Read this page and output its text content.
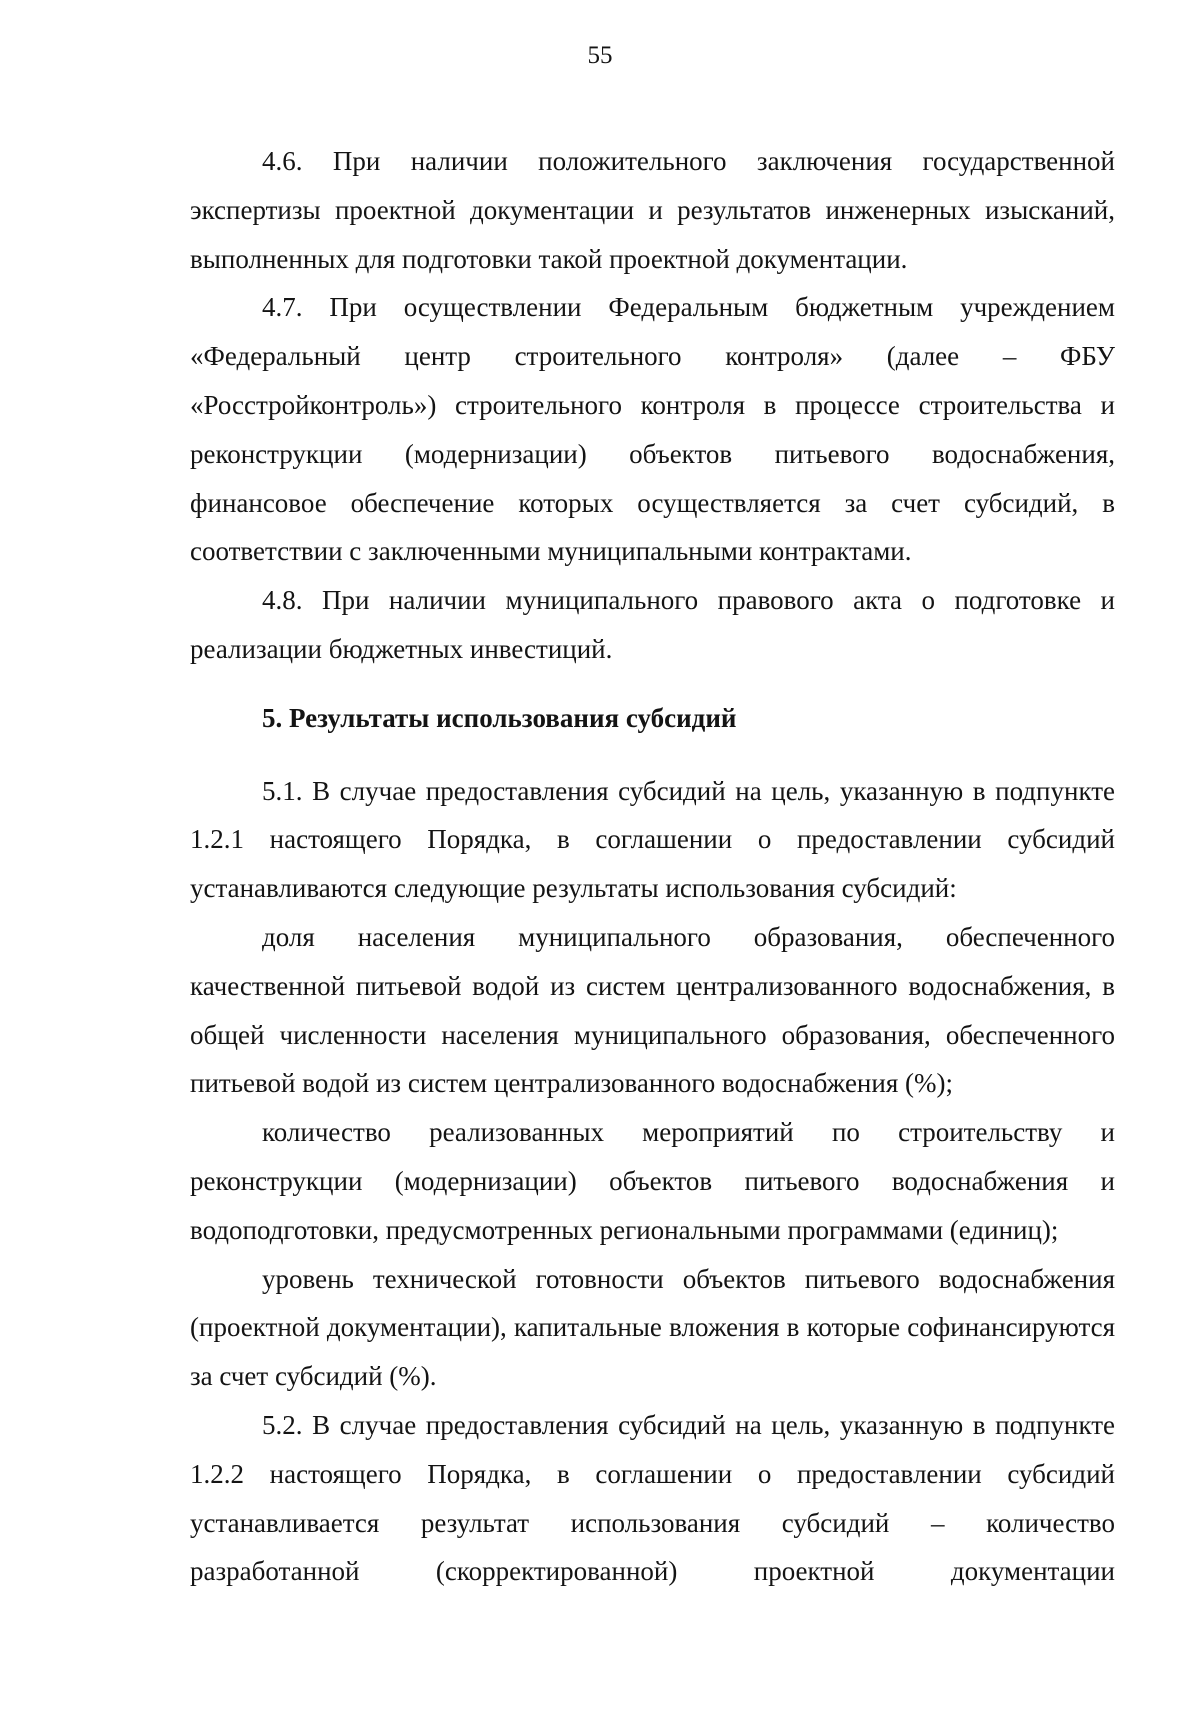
55

4.6. При наличии положительного заключения государственной экспертизы проектной документации и результатов инженерных изысканий, выполненных для подготовки такой проектной документации.

4.7. При осуществлении Федеральным бюджетным учреждением «Федеральный центр строительного контроля» (далее – ФБУ «Росстройконтроль») строительного контроля в процессе строительства и реконструкции (модернизации) объектов питьевого водоснабжения, финансовое обеспечение которых осуществляется за счет субсидий, в соответствии с заключенными муниципальными контрактами.

4.8. При наличии муниципального правового акта о подготовке и реализации бюджетных инвестиций.

5. Результаты использования субсидий

5.1. В случае предоставления субсидий на цель, указанную в подпункте 1.2.1 настоящего Порядка, в соглашении о предоставлении субсидий устанавливаются следующие результаты использования субсидий:

доля населения муниципального образования, обеспеченного качественной питьевой водой из систем централизованного водоснабжения, в общей численности населения муниципального образования, обеспеченного питьевой водой из систем централизованного водоснабжения (%);

количество реализованных мероприятий по строительству и реконструкции (модернизации) объектов питьевого водоснабжения и водоподготовки, предусмотренных региональными программами (единиц);

уровень технической готовности объектов питьевого водоснабжения (проектной документации), капитальные вложения в которые софинансируются за счет субсидий (%).

5.2. В случае предоставления субсидий на цель, указанную в подпункте 1.2.2 настоящего Порядка, в соглашении о предоставлении субсидий устанавливается результат использования субсидий – количество разработанной (скорректированной) проектной документации
